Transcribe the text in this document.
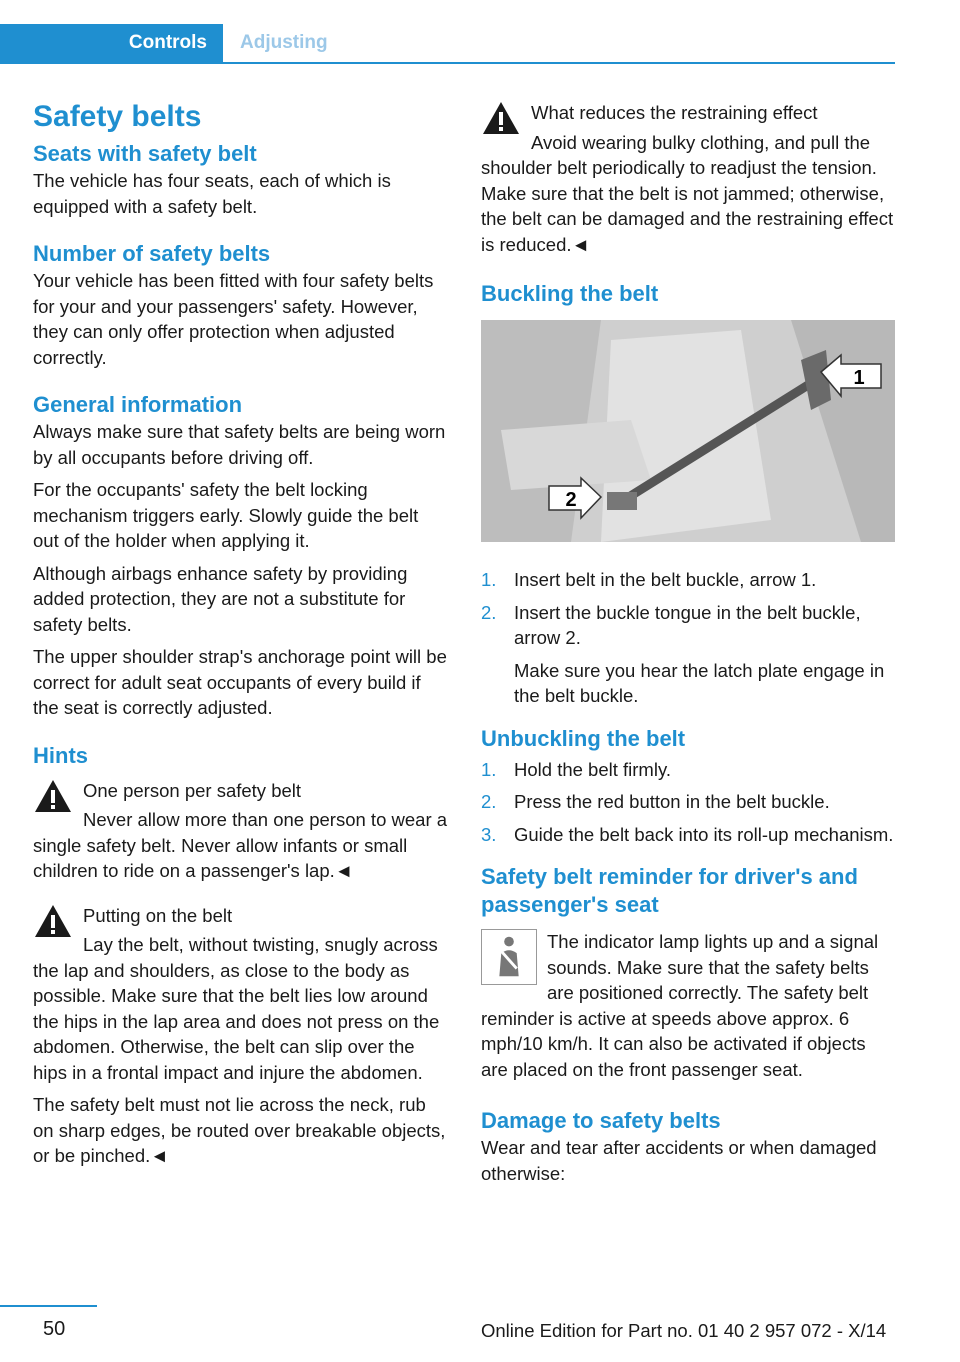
Controls	Adjusting
Safety belts
Seats with safety belt

The vehicle has four seats, each of which is equipped with a safety belt.

Number of safety belts

Your vehicle has been fitted with four safety belts for your and your passengers' safety. However, they can only offer protection when adjusted correctly.

General information

Always make sure that safety belts are being worn by all occupants before driving off.

For the occupants' safety the belt locking mechanism triggers early. Slowly guide the belt out of the holder when applying it.

Although airbags enhance safety by providing added protection, they are not a substitute for safety belts.

The upper shoulder strap's anchorage point will be correct for adult seat occupants of every build if the seat is correctly adjusted.

Hints

One person per safety belt

Never allow more than one person to wear a single safety belt. Never allow infants or small children to ride on a passenger's lap.◄

Putting on the belt

Lay the belt, without twisting, snugly across the lap and shoulders, as close to the body as possible. Make sure that the belt lies low around the hips in the lap area and does not press on the abdomen. Otherwise, the belt can slip over the hips in a frontal impact and injure the abdomen.

The safety belt must not lie across the neck, rub on sharp edges, be routed over breakable objects, or be pinched.◄

What reduces the restraining effect

Avoid wearing bulky clothing, and pull the shoulder belt periodically to readjust the tension. Make sure that the belt is not jammed; otherwise, the belt can be damaged and the restraining effect is reduced.◄

Buckling the belt
1
2
1. Insert belt in the belt buckle, arrow 1.
2. Insert the buckle tongue in the belt buckle, arrow 2.
Make sure you hear the latch plate engage in the belt buckle.
Unbuckling the belt
1. Hold the belt firmly.
2. Press the red button in the belt buckle.
3. Guide the belt back into its roll-up mechanism.
Safety belt reminder for driver's and passenger's seat

The indicator lamp lights up and a signal sounds. Make sure that the safety belts are positioned correctly. The safety belt reminder is active at speeds above approx. 6 mph/10 km/h. It can also be activated if objects are placed on the front passenger seat.

Damage to safety belts

Wear and tear after accidents or when damaged otherwise:

50	Online Edition for Part no. 01 40 2 957 072 - X/14
